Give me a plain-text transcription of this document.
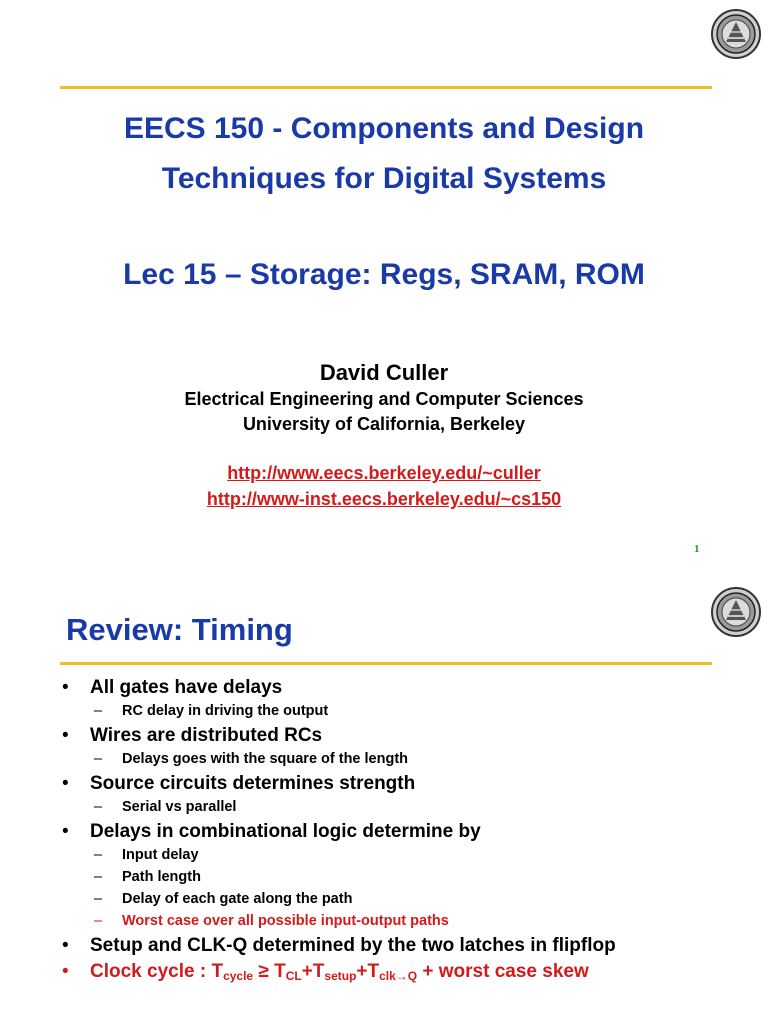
EECS 150 - Components and Design
Techniques for Digital Systems
Lec 15 – Storage: Regs, SRAM, ROM
David Culler
Electrical Engineering and Computer Sciences
University of California, Berkeley
http://www.eecs.berkeley.edu/~culler
http://www-inst.eecs.berkeley.edu/~cs150
1
Review: Timing
• All gates have delays
– RC delay in driving the output
• Wires are distributed RCs
– Delays goes with the square of the length
• Source circuits determines strength
– Serial vs parallel
• Delays in combinational logic determine by
– Input delay
– Path length
– Delay of each gate along the path
– Worst case over all possible input-output paths
• Setup and CLK-Q determined by the two latches in flipflop
• Clock cycle : $T_{cycle} \ge T_{CL}+T_{setup}+T_{clk\to Q}$ + worst case skew
